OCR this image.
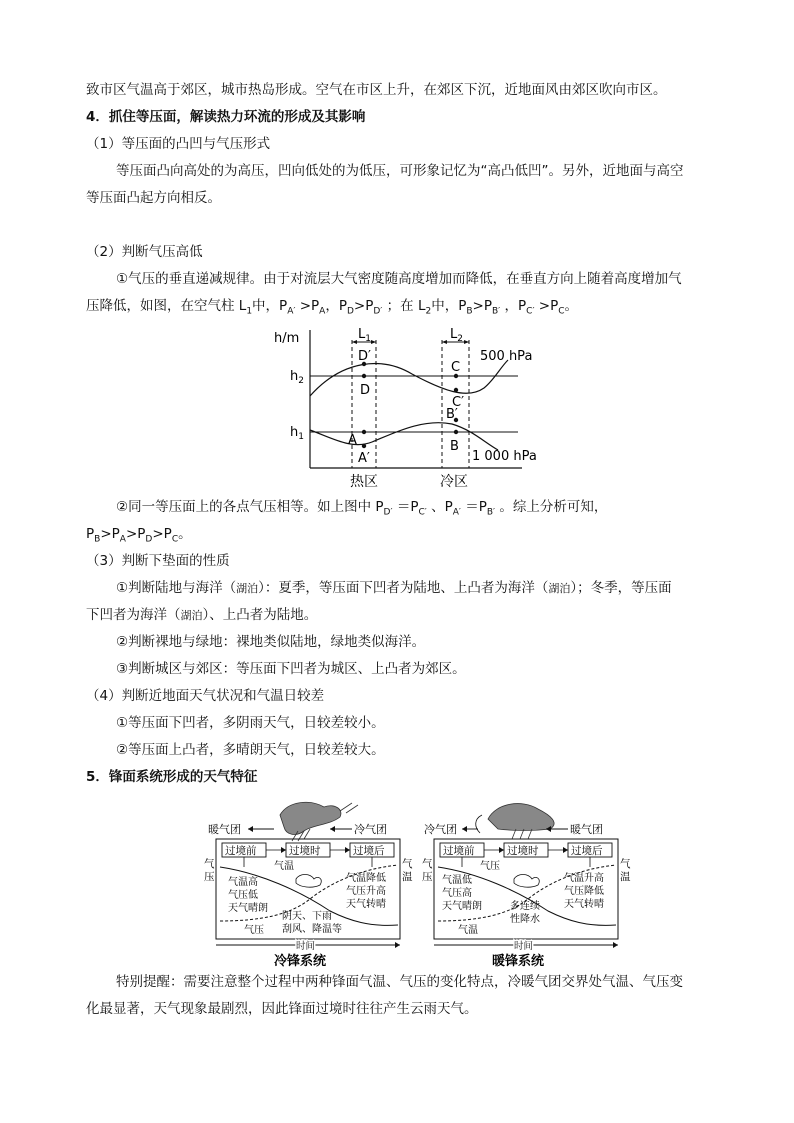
致市区气温高于郊区，城市热岛形成。空气在市区上升，在郊区下沉，近地面风由郊区吹向市区。
4．抓住等压面，解读热力环流的形成及其影响
（1）等压面的凸凹与气压形式
等压面凸向高处的为高压，凹向低处的为低压，可形象记忆为“高凸低凹”。另外，近地面与高空
等压面凸起方向相反。
（2）判断气压高低
①气压的垂直递减规律。由于对流层大气密度随高度增加而降低，在垂直方向上随着高度增加气
压降低，如图，在空气柱 $L_1$中，$P_{A'} >P_A$，$P_D>P_{D'}$ ；在 $L_2$中，$P_B>P_{B'}$ ，$P_{C'} >P_C$。
h/m
$h_2$
$h_1$
$L_1$	$L_2$
D′
D
A
A′
C
C′
B′
B
500 hPa
1 000 hPa
热区	冷区
②同一等压面上的各点气压相等。如上图中 $P_{D'} =P_{C'}$ 、$P_{A'} =P_{B'}$ 。综上分析可知，
$P_B>P_A>P_D>P_C$。
（3）判断下垫面的性质
①判断陆地与海洋（湖泊）：夏季，等压面下凹者为陆地、上凸者为海洋（湖泊）；冬季，等压面
下凹者为海洋（湖泊）、上凸者为陆地。
②判断裸地与绿地：裸地类似陆地，绿地类似海洋。
③判断城区与郊区：等压面下凹者为城区、上凸者为郊区。
（4）判断近地面天气状况和气温日较差
①等压面下凹者，多阴雨天气，日较差较小。
②等压面上凸者，多晴朗天气，日较差较大。
5．锋面系统形成的天气特征
暖气团	冷气团
过境前	过境时	过境后
气
压
气
温
气温
气压
气温高
气压低
天气晴朗
气温降低
气压升高
天气转晴
阴天、下雨
刮风、降温等
时间
冷锋系统
冷气团	暖气团
过境前	过境时	过境后
气
压
气
温
气压
气温
气温低
气压高
天气晴朗
气温升高
气压降低
天气转晴
多连续
性降水
时间
暖锋系统
特别提醒：需要注意整个过程中两种锋面气温、气压的变化特点，冷暖气团交界处气温、气压变
化最显著，天气现象最剧烈，因此锋面过境时往往产生云雨天气。
